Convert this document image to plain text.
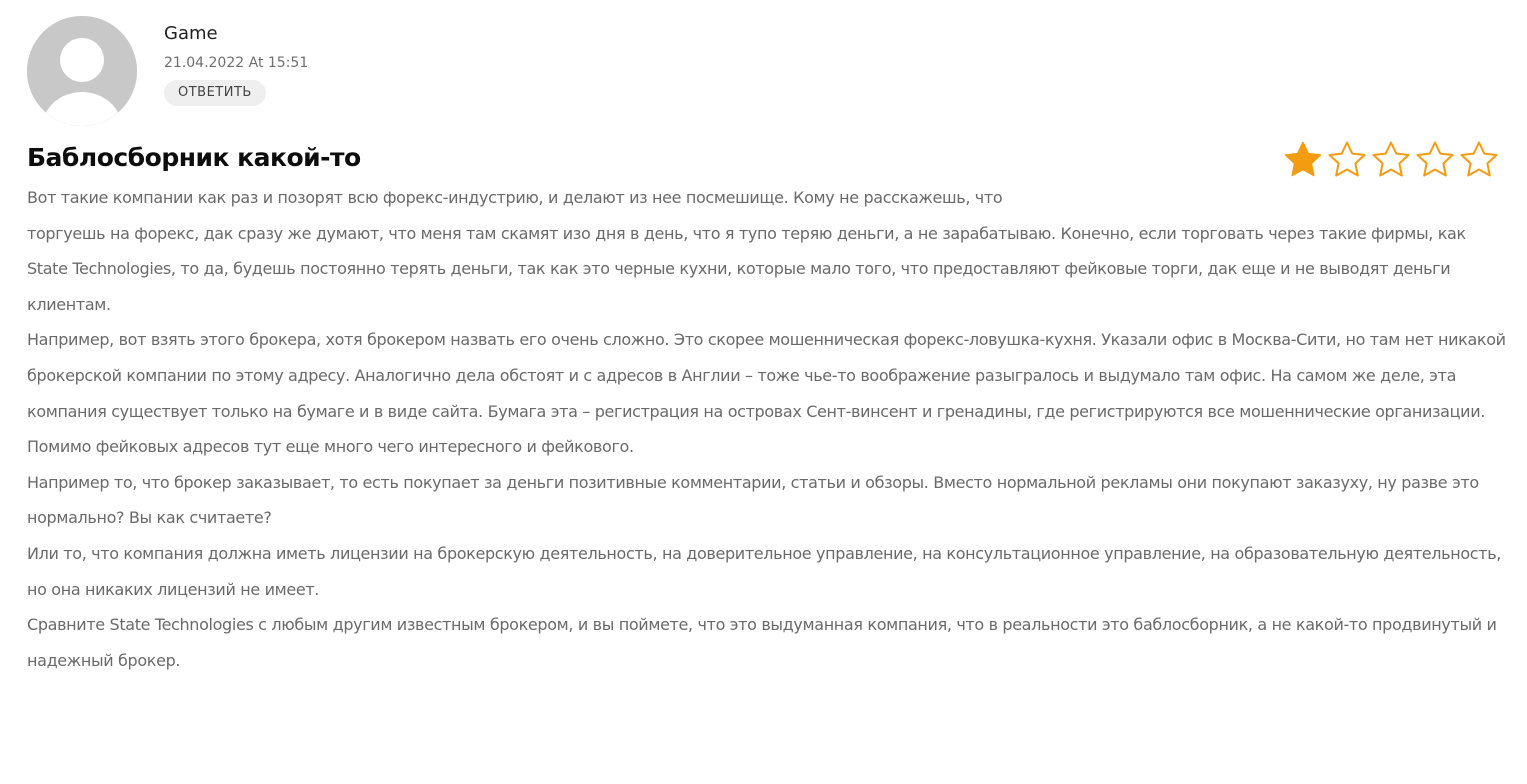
Game
21.04.2022 At 15:51
ОТВЕТИТЬ
Баблосборник какой-то

Вот такие компании как раз и позорят всю форекс-индустрию, и делают из нее посмешище. Кому не расскажешь, что

торгуешь на форекс, дак сразу же думают, что меня там скамят изо дня в день, что я тупо теряю деньги, а не зарабатываю. Конечно, если торговать через такие фирмы, как State Technologies, то да, будешь постоянно терять деньги, так как это черные кухни, которые мало того, что предоставляют фейковые торги, дак еще и не выводят деньги клиентам.

Например, вот взять этого брокера, хотя брокером назвать его очень сложно. Это скорее мошенническая форекс-ловушка-кухня. Указали офис в Москва-Сити, но там нет никакой брокерской компании по этому адресу. Аналогично дела обстоят и с адресов в Англии – тоже чье-то воображение разыгралось и выдумало там офис. На самом же деле, эта компания существует только на бумаге и в виде сайта. Бумага эта – регистрация на островах Сент-винсент и гренадины, где регистрируются все мошеннические организации. Помимо фейковых адресов тут еще много чего интересного и фейкового.

Например то, что брокер заказывает, то есть покупает за деньги позитивные комментарии, статьи и обзоры. Вместо нормальной рекламы они покупают заказуху, ну разве это нормально? Вы как считаете?

Или то, что компания должна иметь лицензии на брокерскую деятельность, на доверительное управление, на консультационное управление, на образовательную деятельность, но она никаких лицензий не имеет.

Сравните State Technologies с любым другим известным брокером, и вы поймете, что это выдуманная компания, что в реальности это баблосборник, а не какой-то продвинутый и надежный брокер.
